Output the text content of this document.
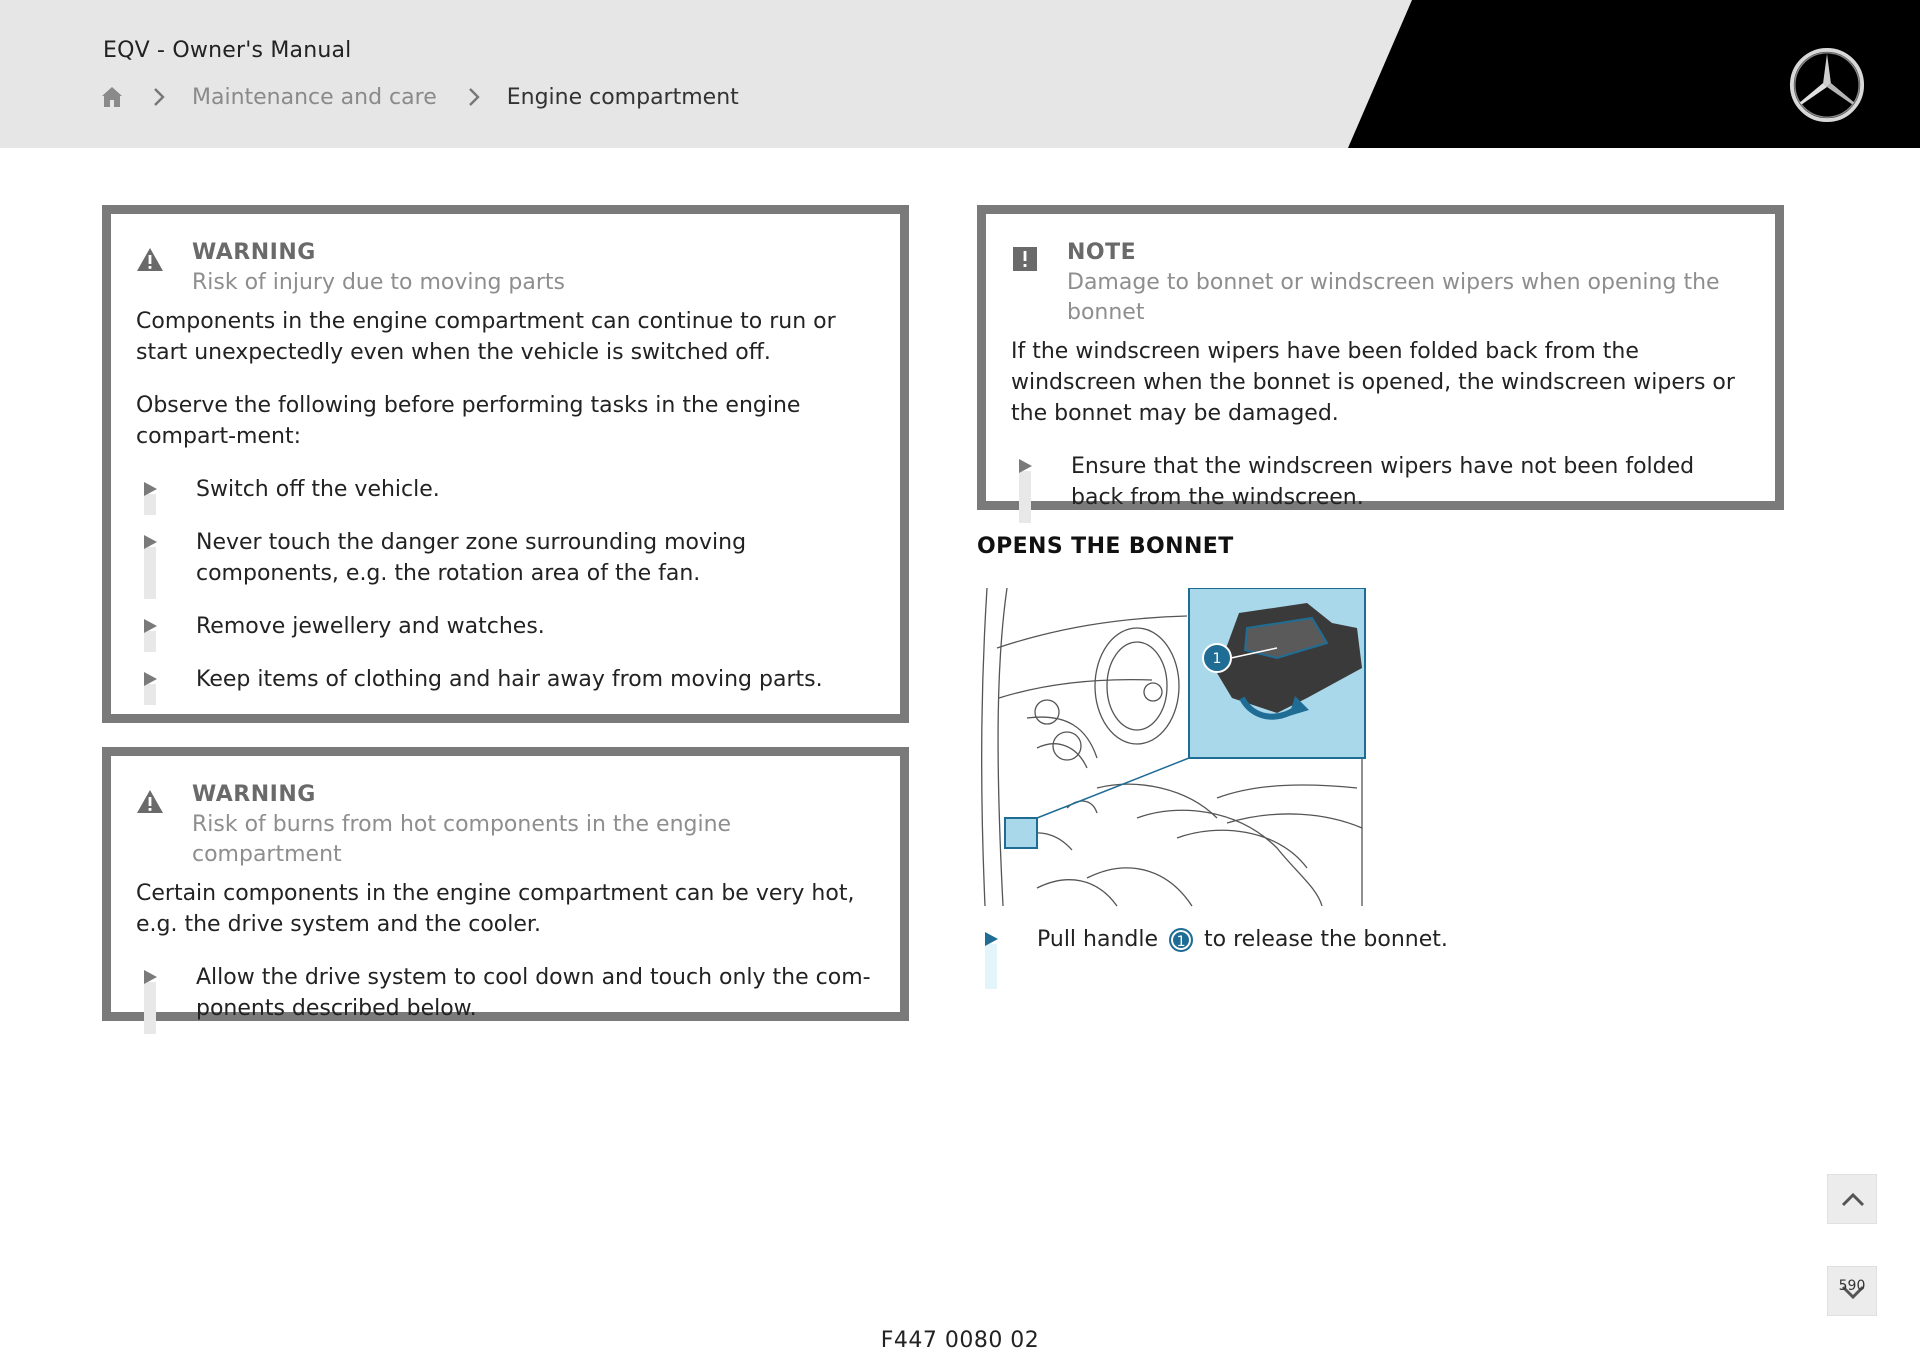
EQV - Owner's Manual
Maintenance and care	Engine compartment
WARNING
Risk of injury due to moving parts
Components in the engine compartment can continue to run or start unexpectedly even when the vehicle is switched off.
Observe the following before performing tasks in the engine compart-ment:
Switch off the vehicle.
Never touch the danger zone surrounding moving components, e.g. the rotation area of the fan.
Remove jewellery and watches.
Keep items of clothing and hair away from moving parts.
WARNING
Risk of burns from hot components in the engine compartment
Certain components in the engine compartment can be very hot, e.g. the drive system and the cooler.
Allow the drive system to cool down and touch only the com-ponents described below.
NOTE
Damage to bonnet or windscreen wipers when opening the bonnet
If the windscreen wipers have been folded back from the windscreen when the bonnet is opened, the windscreen wipers or the bonnet may be damaged.
Ensure that the windscreen wipers have not been folded back from the windscreen.
OPENS THE BONNET
1
Pull handle 1 to release the bonnet.
590
F447 0080 02
